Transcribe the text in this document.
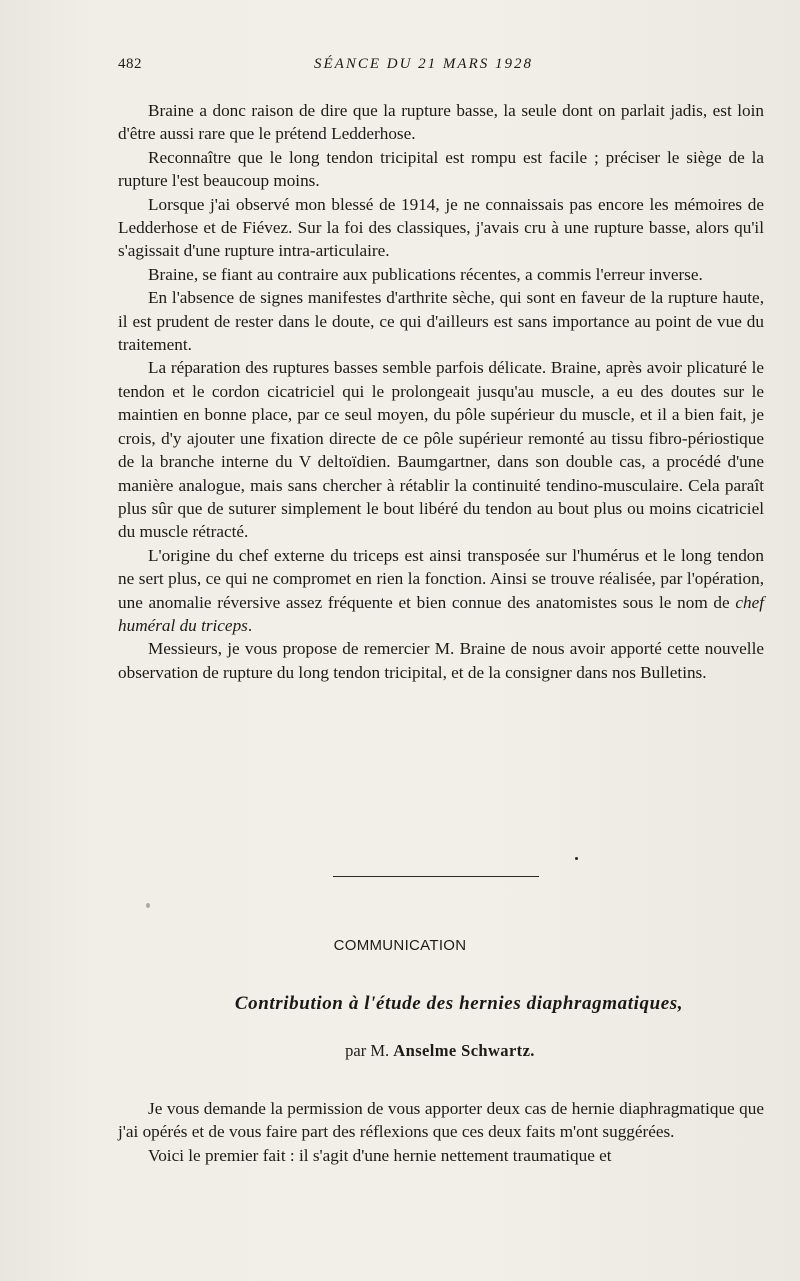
482	SÉANCE DU 21 MARS 1928

Braine a donc raison de dire que la rupture basse, la seule dont on parlait jadis, est loin d'être aussi rare que le prétend Ledderhose.

Reconnaître que le long tendon tricipital est rompu est facile ; préciser le siège de la rupture l'est beaucoup moins.

Lorsque j'ai observé mon blessé de 1914, je ne connaissais pas encore les mémoires de Ledderhose et de Fiévez. Sur la foi des classiques, j'avais cru à une rupture basse, alors qu'il s'agissait d'une rupture intra-articulaire.

Braine, se fiant au contraire aux publications récentes, a commis l'erreur inverse.

En l'absence de signes manifestes d'arthrite sèche, qui sont en faveur de la rupture haute, il est prudent de rester dans le doute, ce qui d'ailleurs est sans importance au point de vue du traitement.

La réparation des ruptures basses semble parfois délicate. Braine, après avoir plicaturé le tendon et le cordon cicatriciel qui le prolongeait jusqu'au muscle, a eu des doutes sur le maintien en bonne place, par ce seul moyen, du pôle supérieur du muscle, et il a bien fait, je crois, d'y ajouter une fixation directe de ce pôle supérieur remonté au tissu fibro-périostique de la branche interne du V deltoïdien. Baumgartner, dans son double cas, a procédé d'une manière analogue, mais sans chercher à rétablir la continuité tendino-musculaire. Cela paraît plus sûr que de suturer simplement le bout libéré du tendon au bout plus ou moins cicatriciel du muscle rétracté.

L'origine du chef externe du triceps est ainsi transposée sur l'humérus et le long tendon ne sert plus, ce qui ne compromet en rien la fonction. Ainsi se trouve réalisée, par l'opération, une anomalie réversive assez fréquente et bien connue des anatomistes sous le nom de chef huméral du triceps.

Messieurs, je vous propose de remercier M. Braine de nous avoir apporté cette nouvelle observation de rupture du long tendon tricipital, et de la consigner dans nos Bulletins.

COMMUNICATION
Contribution à l'étude des hernies diaphragmatiques,
par M. Anselme Schwartz.

Je vous demande la permission de vous apporter deux cas de hernie diaphragmatique que j'ai opérés et de vous faire part des réflexions que ces deux faits m'ont suggérées.

Voici le premier fait : il s'agit d'une hernie nettement traumatique et
